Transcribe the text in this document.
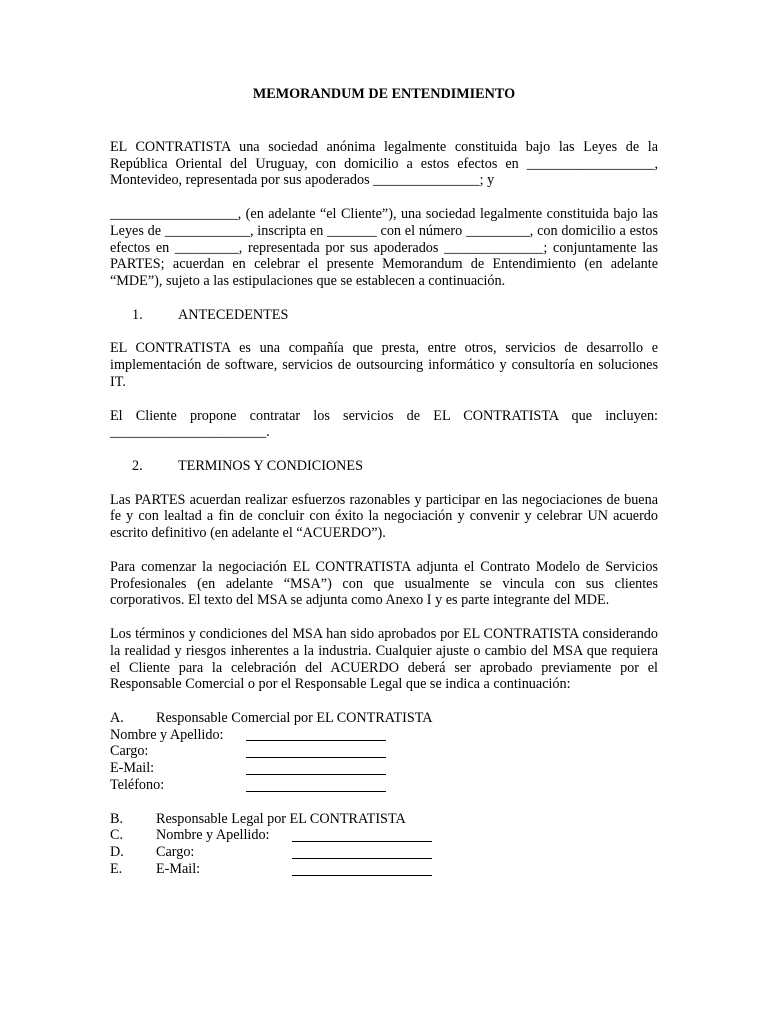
MEMORANDUM DE ENTENDIMIENTO

EL CONTRATISTA una sociedad anónima legalmente constituida bajo las Leyes de la República Oriental del Uruguay, con domicilio a estos efectos en __________________, Montevideo, representada por sus apoderados _______________; y

__________________, (en adelante “el Cliente”), una sociedad legalmente constituida bajo las Leyes de ____________, inscripta en _______ con el número _________, con domicilio a estos efectos en _________, representada por sus apoderados ______________; conjuntamente las PARTES; acuerdan en celebrar el presente Memorandum de Entendimiento (en adelante “MDE”), sujeto a las estipulaciones que se establecen a continuación.

1.	ANTECEDENTES

EL CONTRATISTA es una compañía que presta, entre otros, servicios de desarrollo e implementación de software, servicios de outsourcing informático y consultoría en soluciones IT.

El Cliente propone contratar los servicios de EL CONTRATISTA que incluyen: ______________________.

2.	TERMINOS Y CONDICIONES

Las PARTES acuerdan realizar esfuerzos razonables y participar en las negociaciones de buena fe y con lealtad a fin de concluir con éxito la negociación y convenir y celebrar UN acuerdo escrito definitivo (en adelante el “ACUERDO”).

Para comenzar la negociación EL CONTRATISTA adjunta el Contrato Modelo de Servicios Profesionales (en adelante “MSA”) con que usualmente se vincula con sus clientes corporativos. El texto del MSA se adjunta como Anexo I y es parte integrante del MDE.

Los términos y condiciones del MSA han sido aprobados por EL CONTRATISTA considerando la realidad y riesgos inherentes a la industria. Cualquier ajuste o cambio del MSA que requiera el Cliente para la celebración del ACUERDO deberá ser aprobado previamente por el Responsable Comercial o por el Responsable Legal que se indica a continuación:

A.	Responsable Comercial por EL CONTRATISTA
Nombre y Apellido:
Cargo:
E-Mail:
Teléfono:
B.	Responsable Legal por EL CONTRATISTA
C.	Nombre y Apellido:
D.	Cargo:
E.	E-Mail:
